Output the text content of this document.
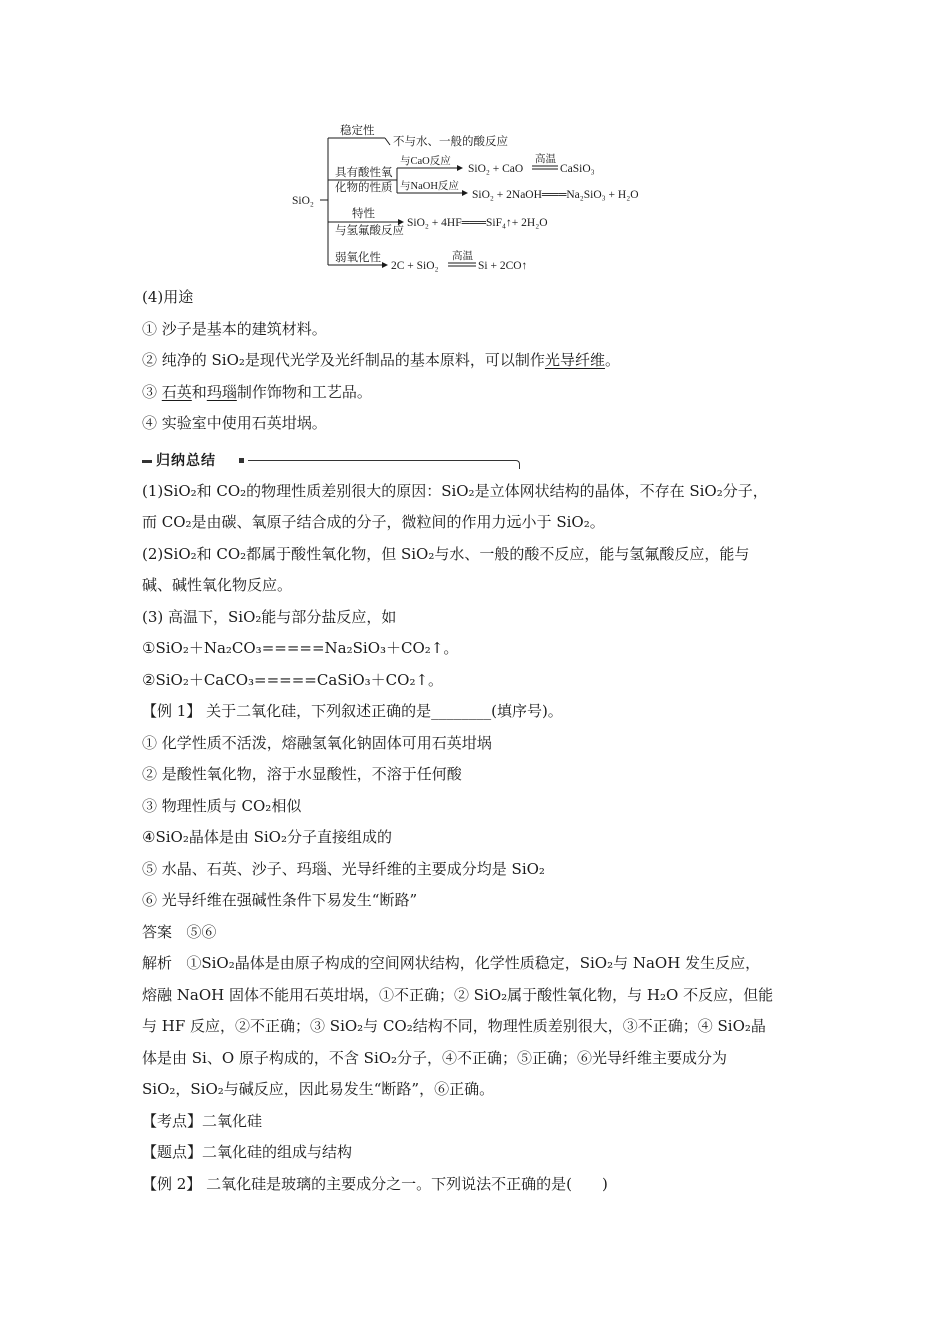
SiO₂
稳定性
不与水、一般的酸反应
具有酸性氧
化物的性质
与CaO反应
SiO₂ + CaO
高温
CaSiO₃
与NaOH反应
SiO₂ + 2NaOH═══Na₂SiO₃ + H₂O
特性
与氢氟酸反应
SiO₂ + 4HF═══SiF₄↑+ 2H₂O
弱氧化性
2C + SiO₂
高温
Si + 2CO↑
(4)用途
① 沙子是基本的建筑材料。
② 纯净的 SiO₂是现代光学及光纤制品的基本原料，可以制作光导纤维。
③ 石英和玛瑙制作饰物和工艺品。
④ 实验室中使用石英坩埚。
归纳总结
(1)SiO₂和 CO₂的物理性质差别很大的原因：SiO₂是立体网状结构的晶体，不存在 SiO₂分子，
而 CO₂是由碳、氧原子结合成的分子，微粒间的作用力远小于 SiO₂。
(2)SiO₂和 CO₂都属于酸性氧化物，但 SiO₂与水、一般的酸不反应，能与氢氟酸反应，能与
碱、碱性氧化物反应。
(3) 高温下，SiO₂能与部分盐反应，如
①SiO₂＋Na₂CO₃=====Na₂SiO₃＋CO₂↑。
②SiO₂＋CaCO₃=====CaSiO₃＋CO₂↑。
【例 1】 关于二氧化硅，下列叙述正确的是________(填序号)。
① 化学性质不活泼，熔融氢氧化钠固体可用石英坩埚
② 是酸性氧化物，溶于水显酸性，不溶于任何酸
③ 物理性质与 CO₂相似
④SiO₂晶体是由 SiO₂分子直接组成的
⑤ 水晶、石英、沙子、玛瑙、光导纤维的主要成分均是 SiO₂
⑥ 光导纤维在强碱性条件下易发生“断路”
答案 ⑤⑥
解析 ①SiO₂晶体是由原子构成的空间网状结构，化学性质稳定，SiO₂与 NaOH 发生反应，
熔融 NaOH 固体不能用石英坩埚，①不正确；② SiO₂属于酸性氧化物，与 H₂O 不反应，但能
与 HF 反应，②不正确；③ SiO₂与 CO₂结构不同，物理性质差别很大，③不正确；④ SiO₂晶
体是由 Si、O 原子构成的，不含 SiO₂分子，④不正确；⑤正确；⑥光导纤维主要成分为
SiO₂，SiO₂与碱反应，因此易发生“断路”，⑥正确。
【考点】二氧化硅
【题点】二氧化硅的组成与结构
【例 2】 二氧化硅是玻璃的主要成分之一。下列说法不正确的是(　　)
